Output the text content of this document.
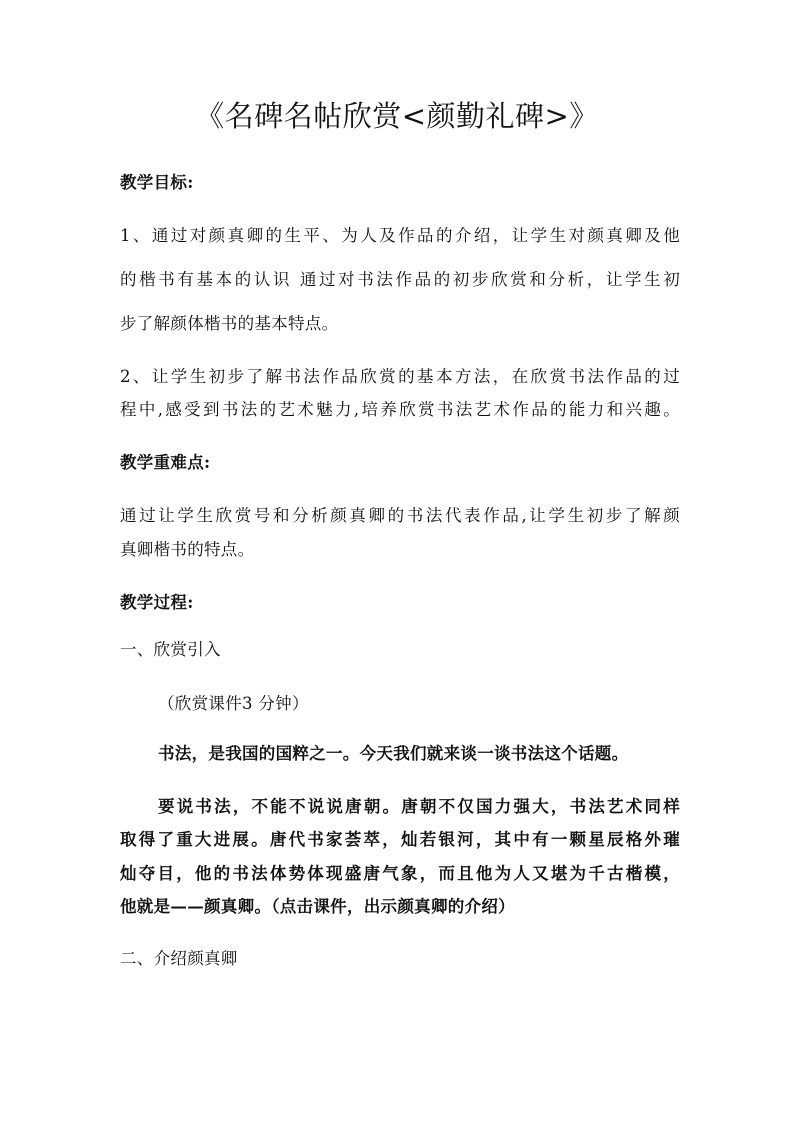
《名碑名帖欣赏<颜勤礼碑>》
教学目标:
1、通过对颜真卿的生平、为人及作品的介绍，让学生对颜真卿及他
的楷书有基本的认识 通过对书法作品的初步欣赏和分析，让学生初
步了解颜体楷书的基本特点。
2、让学生初步了解书法作品欣赏的基本方法，在欣赏书法作品的过
程中,感受到书法的艺术魅力,培养欣赏书法艺术作品的能力和兴趣。
教学重难点:
通过让学生欣赏号和分析颜真卿的书法代表作品,让学生初步了解颜
真卿楷书的特点。
教学过程:
一、欣赏引入
（欣赏课件3 分钟）
书法，是我国的国粹之一。今天我们就来谈一谈书法这个话题。
要说书法，不能不说说唐朝。唐朝不仅国力强大，书法艺术同样
取得了重大进展。唐代书家荟萃，灿若银河，其中有一颗星辰格外璀
灿夺目，他的书法体势体现盛唐气象，而且他为人又堪为千古楷模，
他就是——颜真卿。（点击课件，出示颜真卿的介绍）
二、介绍颜真卿
